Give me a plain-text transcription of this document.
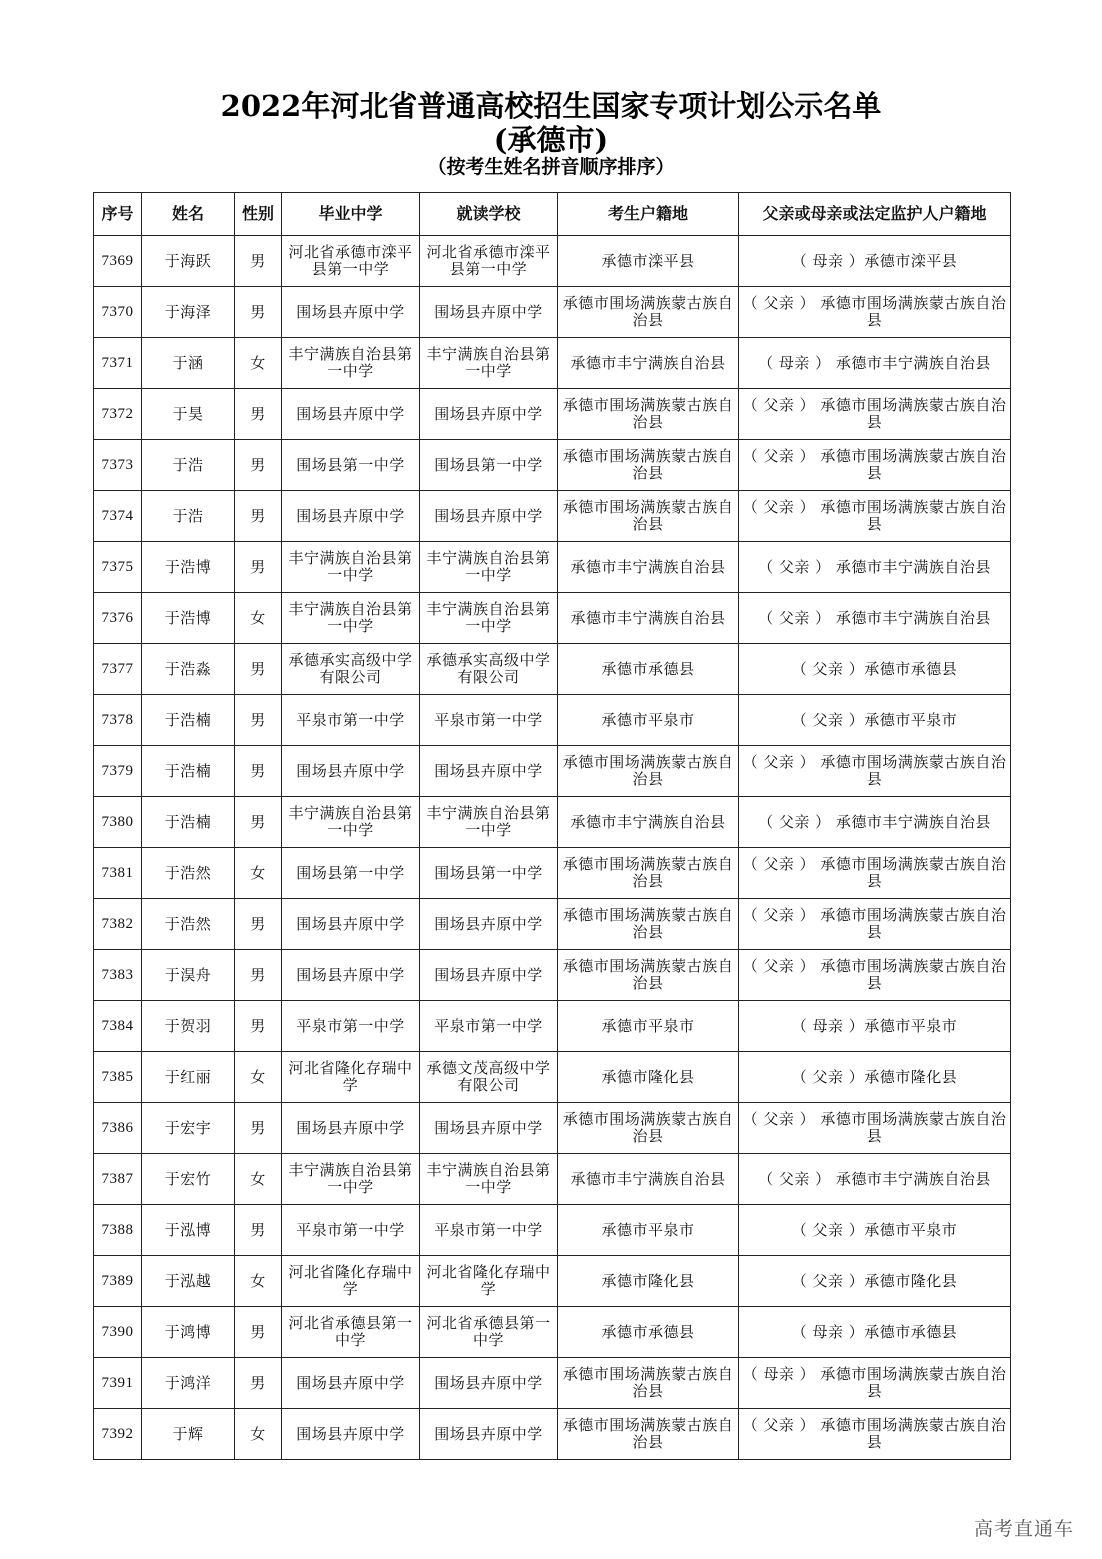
2022年河北省普通高校招生国家专项计划公示名单
(承德市)
（按考生姓名拼音顺序排序）
序号	姓名	性别	毕业中学	就读学校	考生户籍地	父亲或母亲或法定监护人户籍地
7369	于海跃	男	河北省承德市滦平县第一中学	河北省承德市滦平县第一中学	承德市滦平县	（ 母亲 ）承德市滦平县
7370	于海泽	男	围场县卉原中学	围场县卉原中学	承德市围场满族蒙古族自治县	（ 父亲 ） 承德市围场满族蒙古族自治县
7371	于涵	女	丰宁满族自治县第一中学	丰宁满族自治县第一中学	承德市丰宁满族自治县	（ 母亲 ） 承德市丰宁满族自治县
7372	于昊	男	围场县卉原中学	围场县卉原中学	承德市围场满族蒙古族自治县	（ 父亲 ） 承德市围场满族蒙古族自治县
7373	于浩	男	围场县第一中学	围场县第一中学	承德市围场满族蒙古族自治县	（ 父亲 ） 承德市围场满族蒙古族自治县
7374	于浩	男	围场县卉原中学	围场县卉原中学	承德市围场满族蒙古族自治县	（ 父亲 ） 承德市围场满族蒙古族自治县
7375	于浩博	男	丰宁满族自治县第一中学	丰宁满族自治县第一中学	承德市丰宁满族自治县	（ 父亲 ） 承德市丰宁满族自治县
7376	于浩博	女	丰宁满族自治县第一中学	丰宁满族自治县第一中学	承德市丰宁满族自治县	（ 父亲 ） 承德市丰宁满族自治县
7377	于浩淼	男	承德承实高级中学有限公司	承德承实高级中学有限公司	承德市承德县	（ 父亲 ）承德市承德县
7378	于浩楠	男	平泉市第一中学	平泉市第一中学	承德市平泉市	（ 父亲 ）承德市平泉市
7379	于浩楠	男	围场县卉原中学	围场县卉原中学	承德市围场满族蒙古族自治县	（ 父亲 ） 承德市围场满族蒙古族自治县
7380	于浩楠	男	丰宁满族自治县第一中学	丰宁满族自治县第一中学	承德市丰宁满族自治县	（ 父亲 ） 承德市丰宁满族自治县
7381	于浩然	女	围场县第一中学	围场县第一中学	承德市围场满族蒙古族自治县	（ 父亲 ） 承德市围场满族蒙古族自治县
7382	于浩然	男	围场县卉原中学	围场县卉原中学	承德市围场满族蒙古族自治县	（ 父亲 ） 承德市围场满族蒙古族自治县
7383	于淏舟	男	围场县卉原中学	围场县卉原中学	承德市围场满族蒙古族自治县	（ 父亲 ） 承德市围场满族蒙古族自治县
7384	于贺羽	男	平泉市第一中学	平泉市第一中学	承德市平泉市	（ 母亲 ）承德市平泉市
7385	于红丽	女	河北省隆化存瑞中学	承德文茂高级中学有限公司	承德市隆化县	（ 父亲 ）承德市隆化县
7386	于宏宇	男	围场县卉原中学	围场县卉原中学	承德市围场满族蒙古族自治县	（ 父亲 ） 承德市围场满族蒙古族自治县
7387	于宏竹	女	丰宁满族自治县第一中学	丰宁满族自治县第一中学	承德市丰宁满族自治县	（ 父亲 ） 承德市丰宁满族自治县
7388	于泓博	男	平泉市第一中学	平泉市第一中学	承德市平泉市	（ 父亲 ）承德市平泉市
7389	于泓越	女	河北省隆化存瑞中学	河北省隆化存瑞中学	承德市隆化县	（ 父亲 ）承德市隆化县
7390	于鸿博	男	河北省承德县第一中学	河北省承德县第一中学	承德市承德县	（ 母亲 ）承德市承德县
7391	于鸿洋	男	围场县卉原中学	围场县卉原中学	承德市围场满族蒙古族自治县	（ 母亲 ） 承德市围场满族蒙古族自治县
7392	于辉	女	围场县卉原中学	围场县卉原中学	承德市围场满族蒙古族自治县	（ 父亲 ） 承德市围场满族蒙古族自治县
高考直通车
